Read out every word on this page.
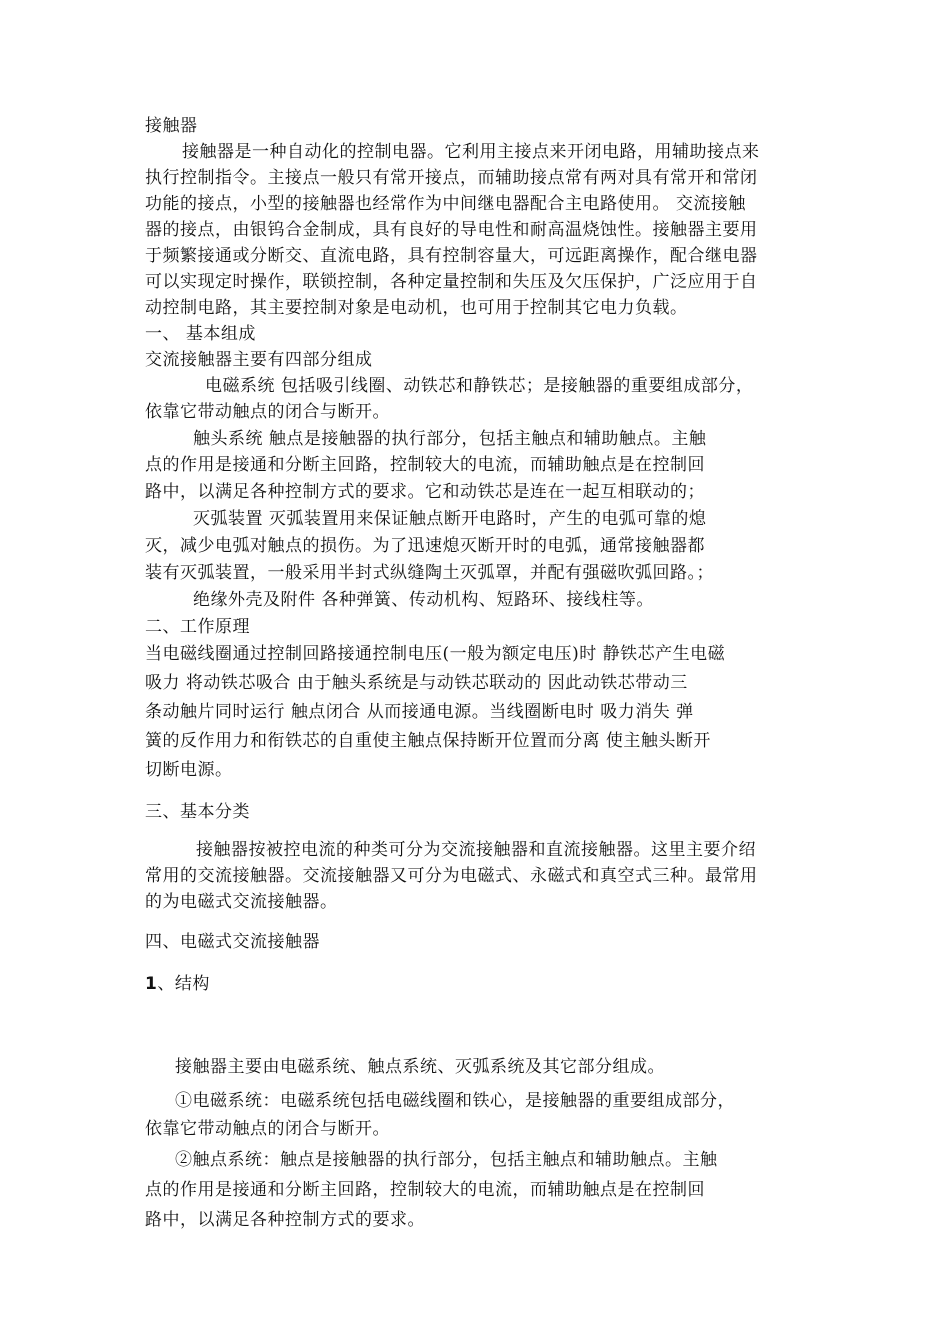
接触器
接触器是一种自动化的控制电器。它利用主接点来开闭电路，用辅助接点来
执行控制指令。主接点一般只有常开接点，而辅助接点常有两对具有常开和常闭
功能的接点，小型的接触器也经常作为中间继电器配合主电路使用。 交流接触
器的接点，由银钨合金制成，具有良好的导电性和耐高温烧蚀性。接触器主要用
于频繁接通或分断交、直流电路，具有控制容量大，可远距离操作，配合继电器
可以实现定时操作，联锁控制，各种定量控制和失压及欠压保护，广泛应用于自
动控制电路，其主要控制对象是电动机，也可用于控制其它电力负载。
一、 基本组成
交流接触器主要有四部分组成
电磁系统 包括吸引线圈、动铁芯和静铁芯；是接触器的重要组成部分，
依靠它带动触点的闭合与断开。
触头系统 触点是接触器的执行部分，包括主触点和辅助触点。主触
点的作用是接通和分断主回路，控制较大的电流，而辅助触点是在控制回
路中，以满足各种控制方式的要求。它和动铁芯是连在一起互相联动的；
灭弧装置 灭弧装置用来保证触点断开电路时，产生的电弧可靠的熄
灭，减少电弧对触点的损伤。为了迅速熄灭断开时的电弧，通常接触器都
装有灭弧装置，一般采用半封式纵缝陶土灭弧罩，并配有强磁吹弧回路。；
绝缘外壳及附件 各种弹簧、传动机构、短路环、接线柱等。
二、工作原理
当电磁线圈通过控制回路接通控制电压(一般为额定电压)时 静铁芯产生电磁
吸力 将动铁芯吸合 由于触头系统是与动铁芯联动的 因此动铁芯带动三
条动触片同时运行 触点闭合 从而接通电源。当线圈断电时 吸力消失 弹
簧的反作用力和衔铁芯的自重使主触点保持断开位置而分离 使主触头断开
切断电源。
三、基本分类
接触器按被控电流的种类可分为交流接触器和直流接触器。这里主要介绍
常用的交流接触器。交流接触器又可分为电磁式、永磁式和真空式三种。最常用
的为电磁式交流接触器。
四、电磁式交流接触器
1、结构
接触器主要由电磁系统、触点系统、灭弧系统及其它部分组成。
①电磁系统：电磁系统包括电磁线圈和铁心，是接触器的重要组成部分，
依靠它带动触点的闭合与断开。
②触点系统：触点是接触器的执行部分，包括主触点和辅助触点。主触
点的作用是接通和分断主回路，控制较大的电流，而辅助触点是在控制回
路中，以满足各种控制方式的要求。
